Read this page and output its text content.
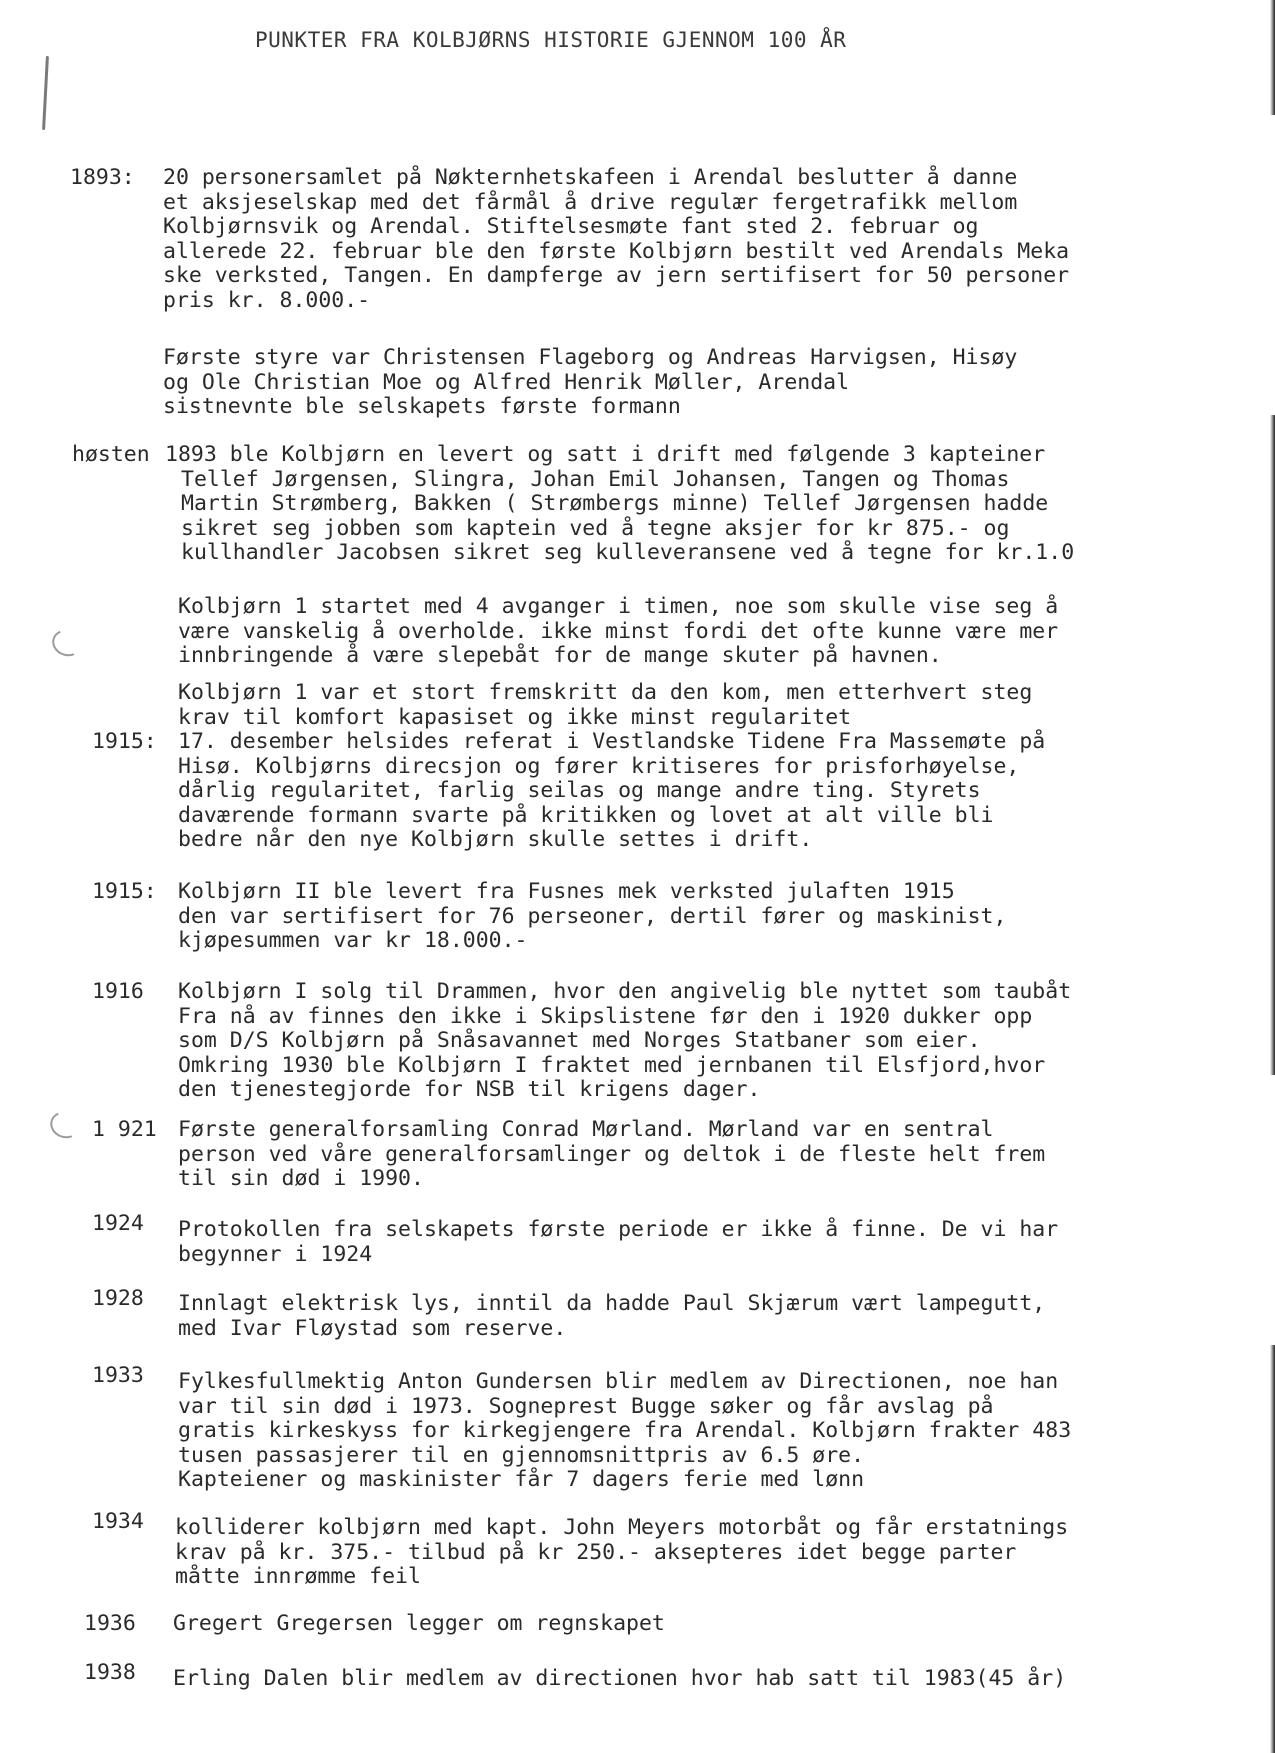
PUNKTER FRA KOLBJØRNS HISTORIE GJENNOM 100 ÅR
1893: 20 personersamlet på Nøkternhetskafeen i Arendal beslutter å danne
et aksjeselskap med det fårmål å drive regulær fergetrafikk mellom
Kolbjørnsvik og Arendal. Stiftelsesmøte fant sted 2. februar og
allerede 22. februar ble den første Kolbjørn bestilt ved Arendals Meka
ske verksted, Tangen. En dampferge av jern sertifisert for 50 personer
pris kr. 8.000.-
Første styre var Christensen Flageborg og Andreas Harvigsen, Hisøy
og Ole Christian Moe og Alfred Henrik Møller, Arendal
sistnevnte ble selskapets første formann
høsten 1893 ble Kolbjørn en levert og satt i drift med følgende 3 kapteiner
Tellef Jørgensen, Slingra, Johan Emil Johansen, Tangen og Thomas
Martin Strømberg, Bakken ( Strømbergs minne) Tellef Jørgensen hadde
sikret seg jobben som kaptein ved å tegne aksjer for kr 875.- og
kullhandler Jacobsen sikret seg kulleveransene ved å tegne for kr.1.0
Kolbjørn 1 startet med 4 avganger i timen, noe som skulle vise seg å
være vanskelig å overholde. ikke minst fordi det ofte kunne være mer
innbringende å være slepebåt for de mange skuter på havnen.
Kolbjørn 1 var et stort fremskritt da den kom, men etterhvert steg
krav til komfort kapasiset og ikke minst regularitet
1915: 17. desember helsides referat i Vestlandske Tidene Fra Massemøte på
Hisø. Kolbjørns direcsjon og fører kritiseres for prisforhøyelse,
dårlig regularitet, farlig seilas og mange andre ting. Styrets
daværende formann svarte på kritikken og lovet at alt ville bli
bedre når den nye Kolbjørn skulle settes i drift.
1915: Kolbjørn II ble levert fra Fusnes mek verksted julaften 1915
den var sertifisert for 76 perseoner, dertil fører og maskinist,
kjøpesummen var kr 18.000.-
1916 Kolbjørn I solg til Drammen, hvor den angivelig ble nyttet som taubåt
Fra nå av finnes den ikke i Skipslistene før den i 1920 dukker opp
som D/S Kolbjørn på Snåsavannet med Norges Statbaner som eier.
Omkring 1930 ble Kolbjørn I fraktet med jernbanen til Elsfjord,hvor
den tjenestegjorde for NSB til krigens dager.
1 921 Første generalforsamling Conrad Mørland. Mørland var en sentral
person ved våre generalforsamlinger og deltok i de fleste helt frem
til sin død i 1990.
1924 Protokollen fra selskapets første periode er ikke å finne. De vi har
begynner i 1924
1928 Innlagt elektrisk lys, inntil da hadde Paul Skjærum vært lampegutt,
med Ivar Fløystad som reserve.
1933 Fylkesfullmektig Anton Gundersen blir medlem av Directionen, noe han
var til sin død i 1973. Sogneprest Bugge søker og får avslag på
gratis kirkeskyss for kirkegjengere fra Arendal. Kolbjørn frakter 483
tusen passasjerer til en gjennomsnittpris av 6.5 øre.
Kapteiener og maskinister får 7 dagers ferie med lønn
1934 kolliderer kolbjørn med kapt. John Meyers motorbåt og får erstatnings
krav på kr. 375.- tilbud på kr 250.- aksepteres idet begge parter
måtte innrømme feil
1936 Gregert Gregersen legger om regnskapet
1938 Erling Dalen blir medlem av directionen hvor hab satt til 1983(45 år)
